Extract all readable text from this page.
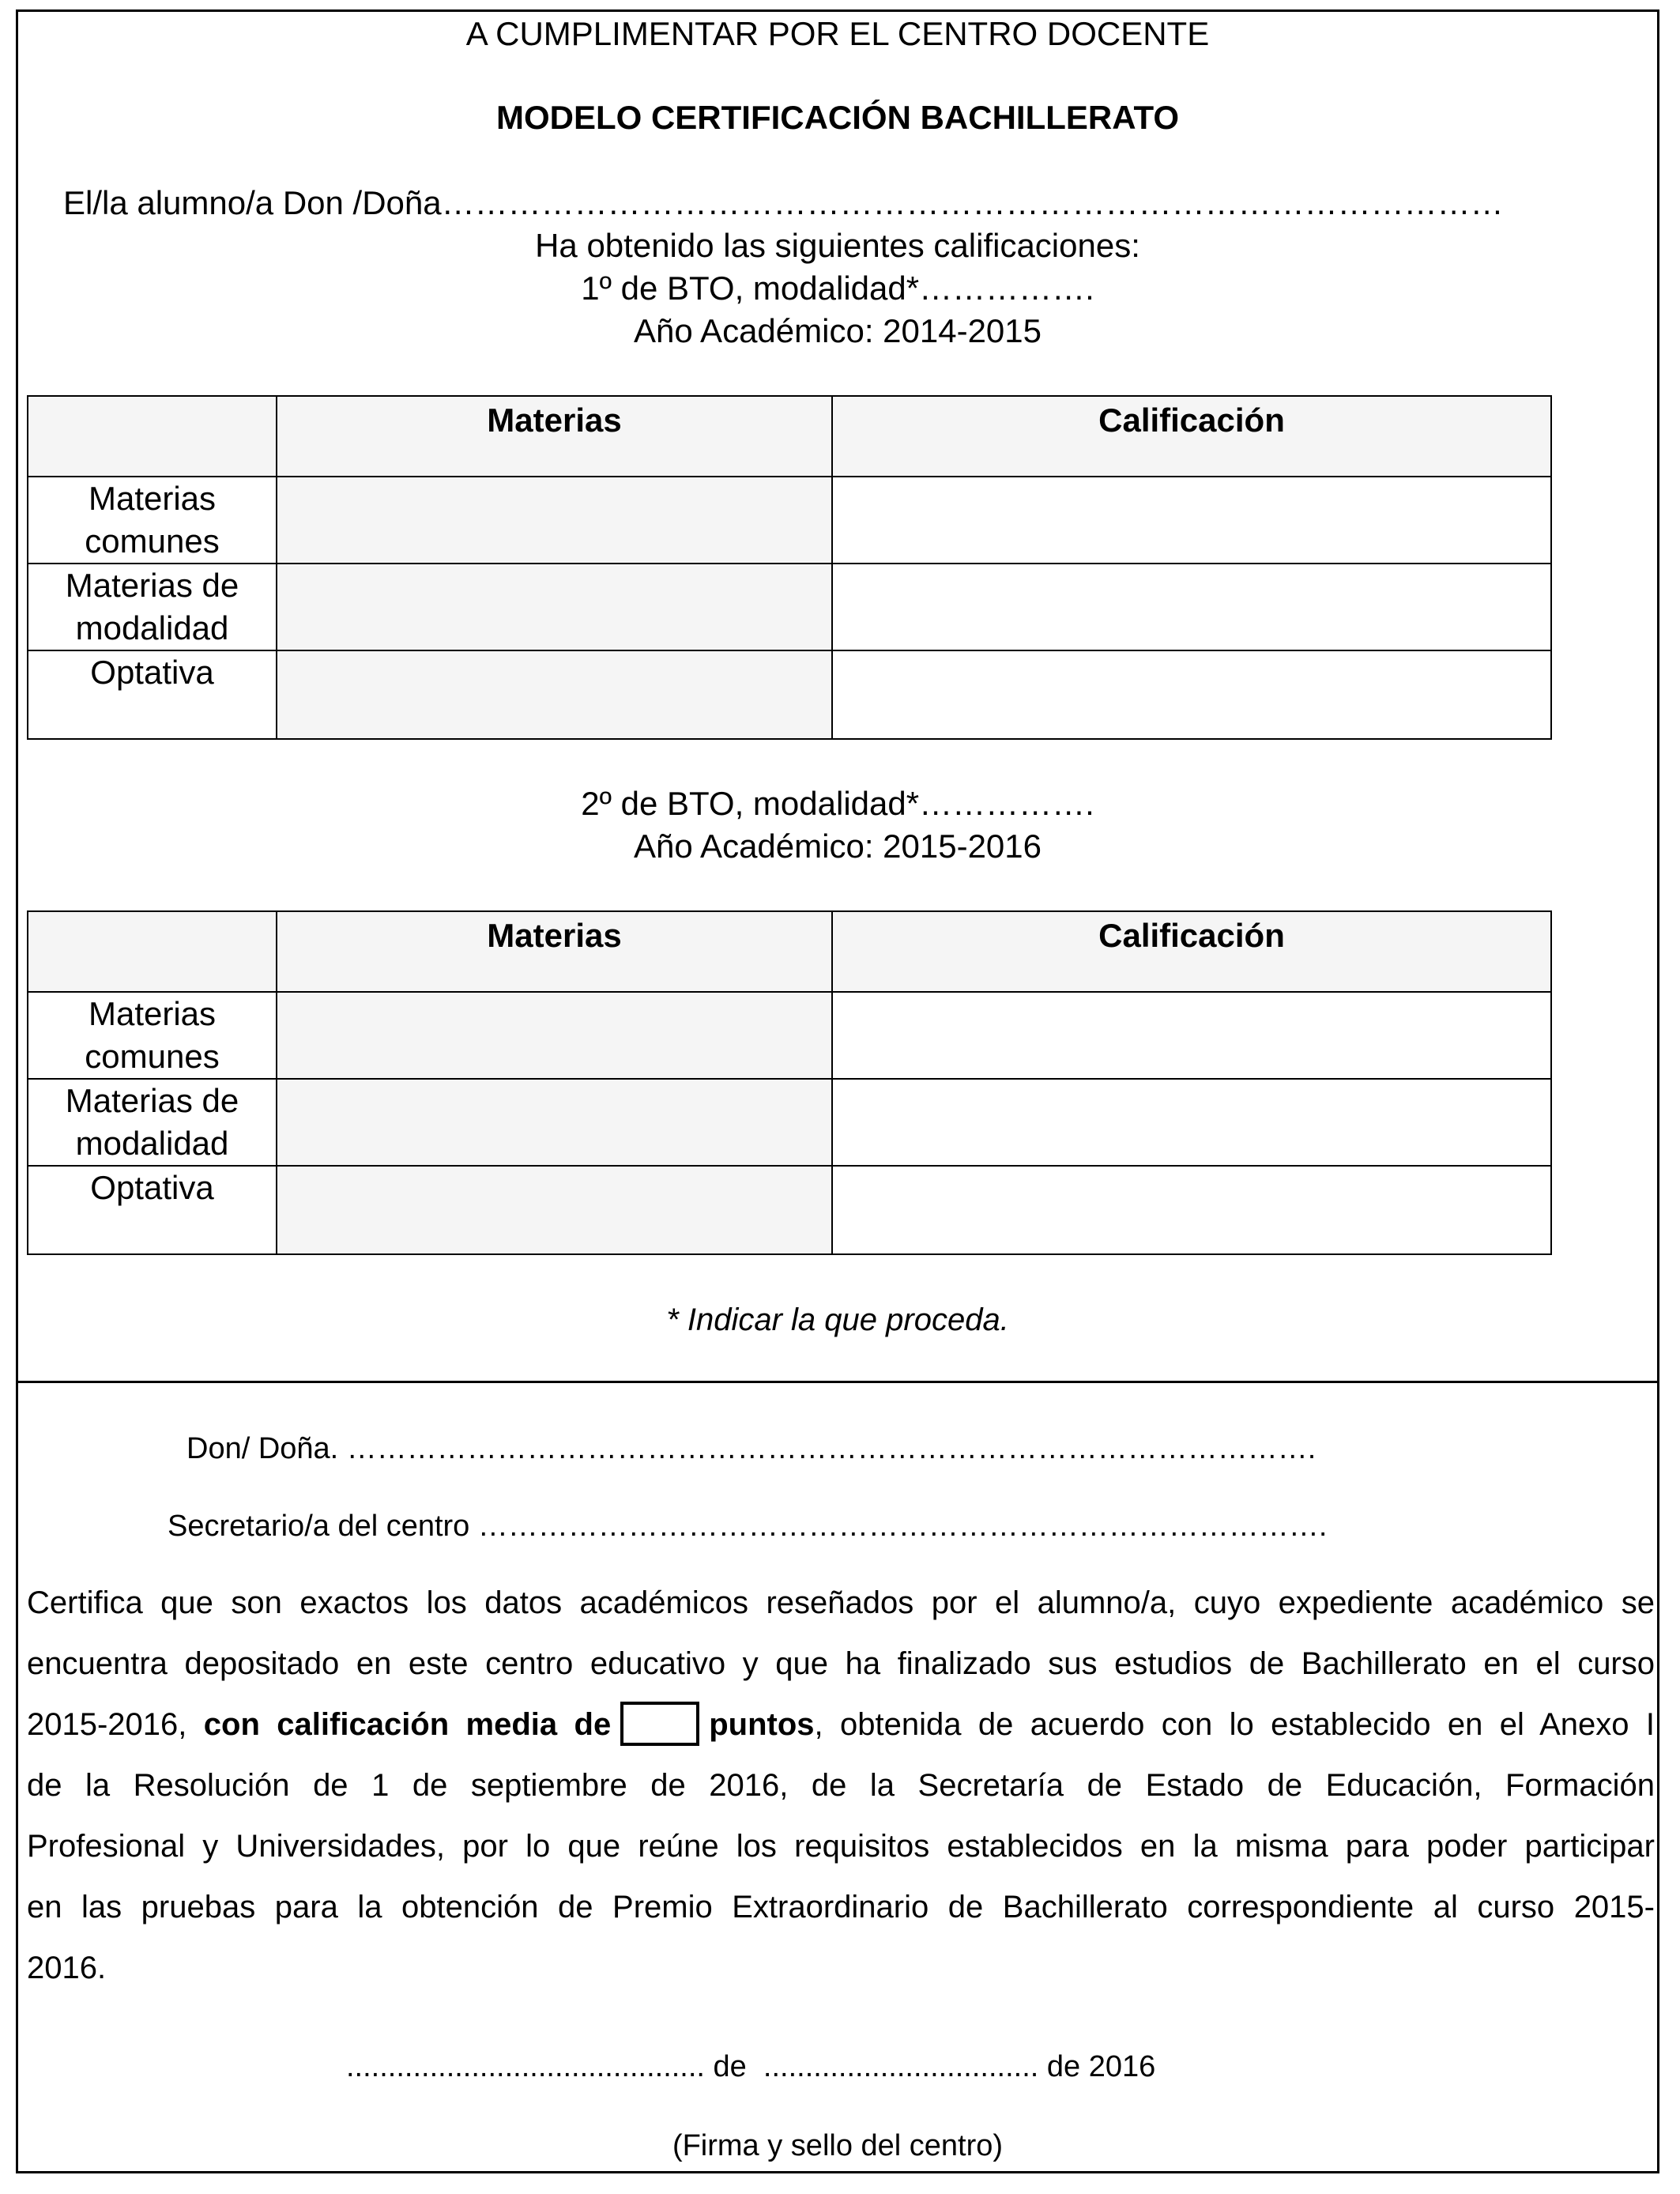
A CUMPLIMENTAR POR EL CENTRO DOCENTE
MODELO CERTIFICACIÓN BACHILLERATO
El/la alumno/a Don /Doña……………………………………………………………………………………
Ha obtenido las siguientes calificaciones:
1º de BTO, modalidad*…………….
Año Académico: 2014-2015
	Materias	Calificación
Materias comunes		
Materias de modalidad		
Optativa		
2º de BTO, modalidad*…………….
Año Académico: 2015-2016
	Materias	Calificación
Materias comunes		
Materias de modalidad		
Optativa		
* Indicar la que proceda.
Don/ Doña. …………………………………………………………………………………….
Secretario/a del centro ………………………………………………………………………….
Certifica que son exactos los datos académicos reseñados por el alumno/a, cuyo expediente académico se
encuentra depositado en este centro educativo y que ha finalizado sus estudios de Bachillerato en el curso
2015-2016, con calificación media de	puntos, obtenida de acuerdo con lo establecido en el Anexo I
de la Resolución de 1 de septiembre de 2016, de la Secretaría de Estado de Educación, Formación
Profesional y Universidades, por lo que reúne los requisitos establecidos en la misma para poder participar
en las pruebas para la obtención de Premio Extraordinario de Bachillerato correspondiente al curso 2015-
2016.
........................................... de  ................................. de 2016
(Firma y sello del centro)
